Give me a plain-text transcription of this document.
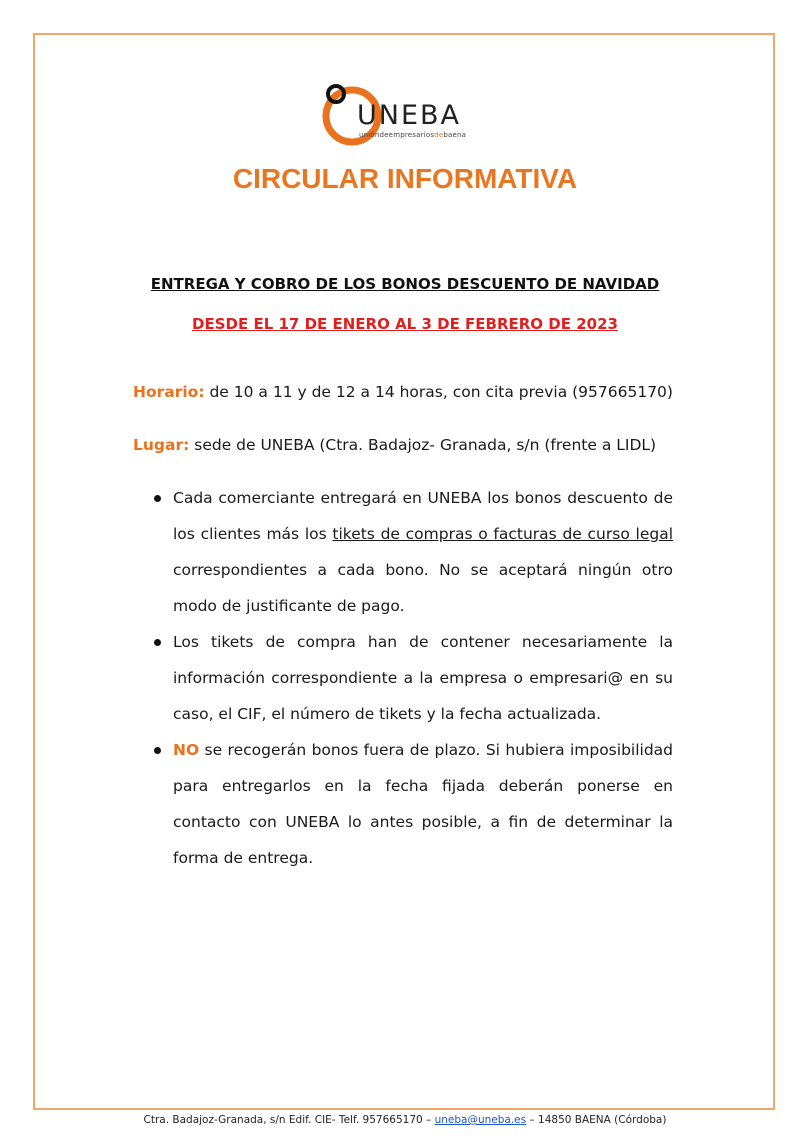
UNEBA
unióndeempresariosdebaena
CIRCULAR INFORMATIVA
ENTREGA Y COBRO DE LOS BONOS DESCUENTO DE NAVIDAD
DESDE EL 17 DE ENERO AL 3 DE FEBRERO DE 2023
Horario: de 10 a 11 y de 12 a 14 horas, con cita previa (957665170)
Lugar: sede de UNEBA (Ctra. Badajoz- Granada, s/n (frente a LIDL)
Cada comerciante entregará en UNEBA los bonos descuento de los clientes más los tikets de compras o facturas de curso legal correspondientes a cada bono. No se aceptará ningún otro modo de justificante de pago.
Los tikets de compra han de contener necesariamente la información correspondiente a la empresa o empresari@ en su caso, el CIF, el número de tikets y la fecha actualizada.
NO se recogerán bonos fuera de plazo. Si hubiera imposibilidad para entregarlos en la fecha fijada deberán ponerse en contacto con UNEBA lo antes posible, a fin de determinar la forma de entrega.
Ctra. Badajoz-Granada, s/n Edif. CIE- Telf. 957665170 – uneba@uneba.es – 14850 BAENA (Córdoba)
